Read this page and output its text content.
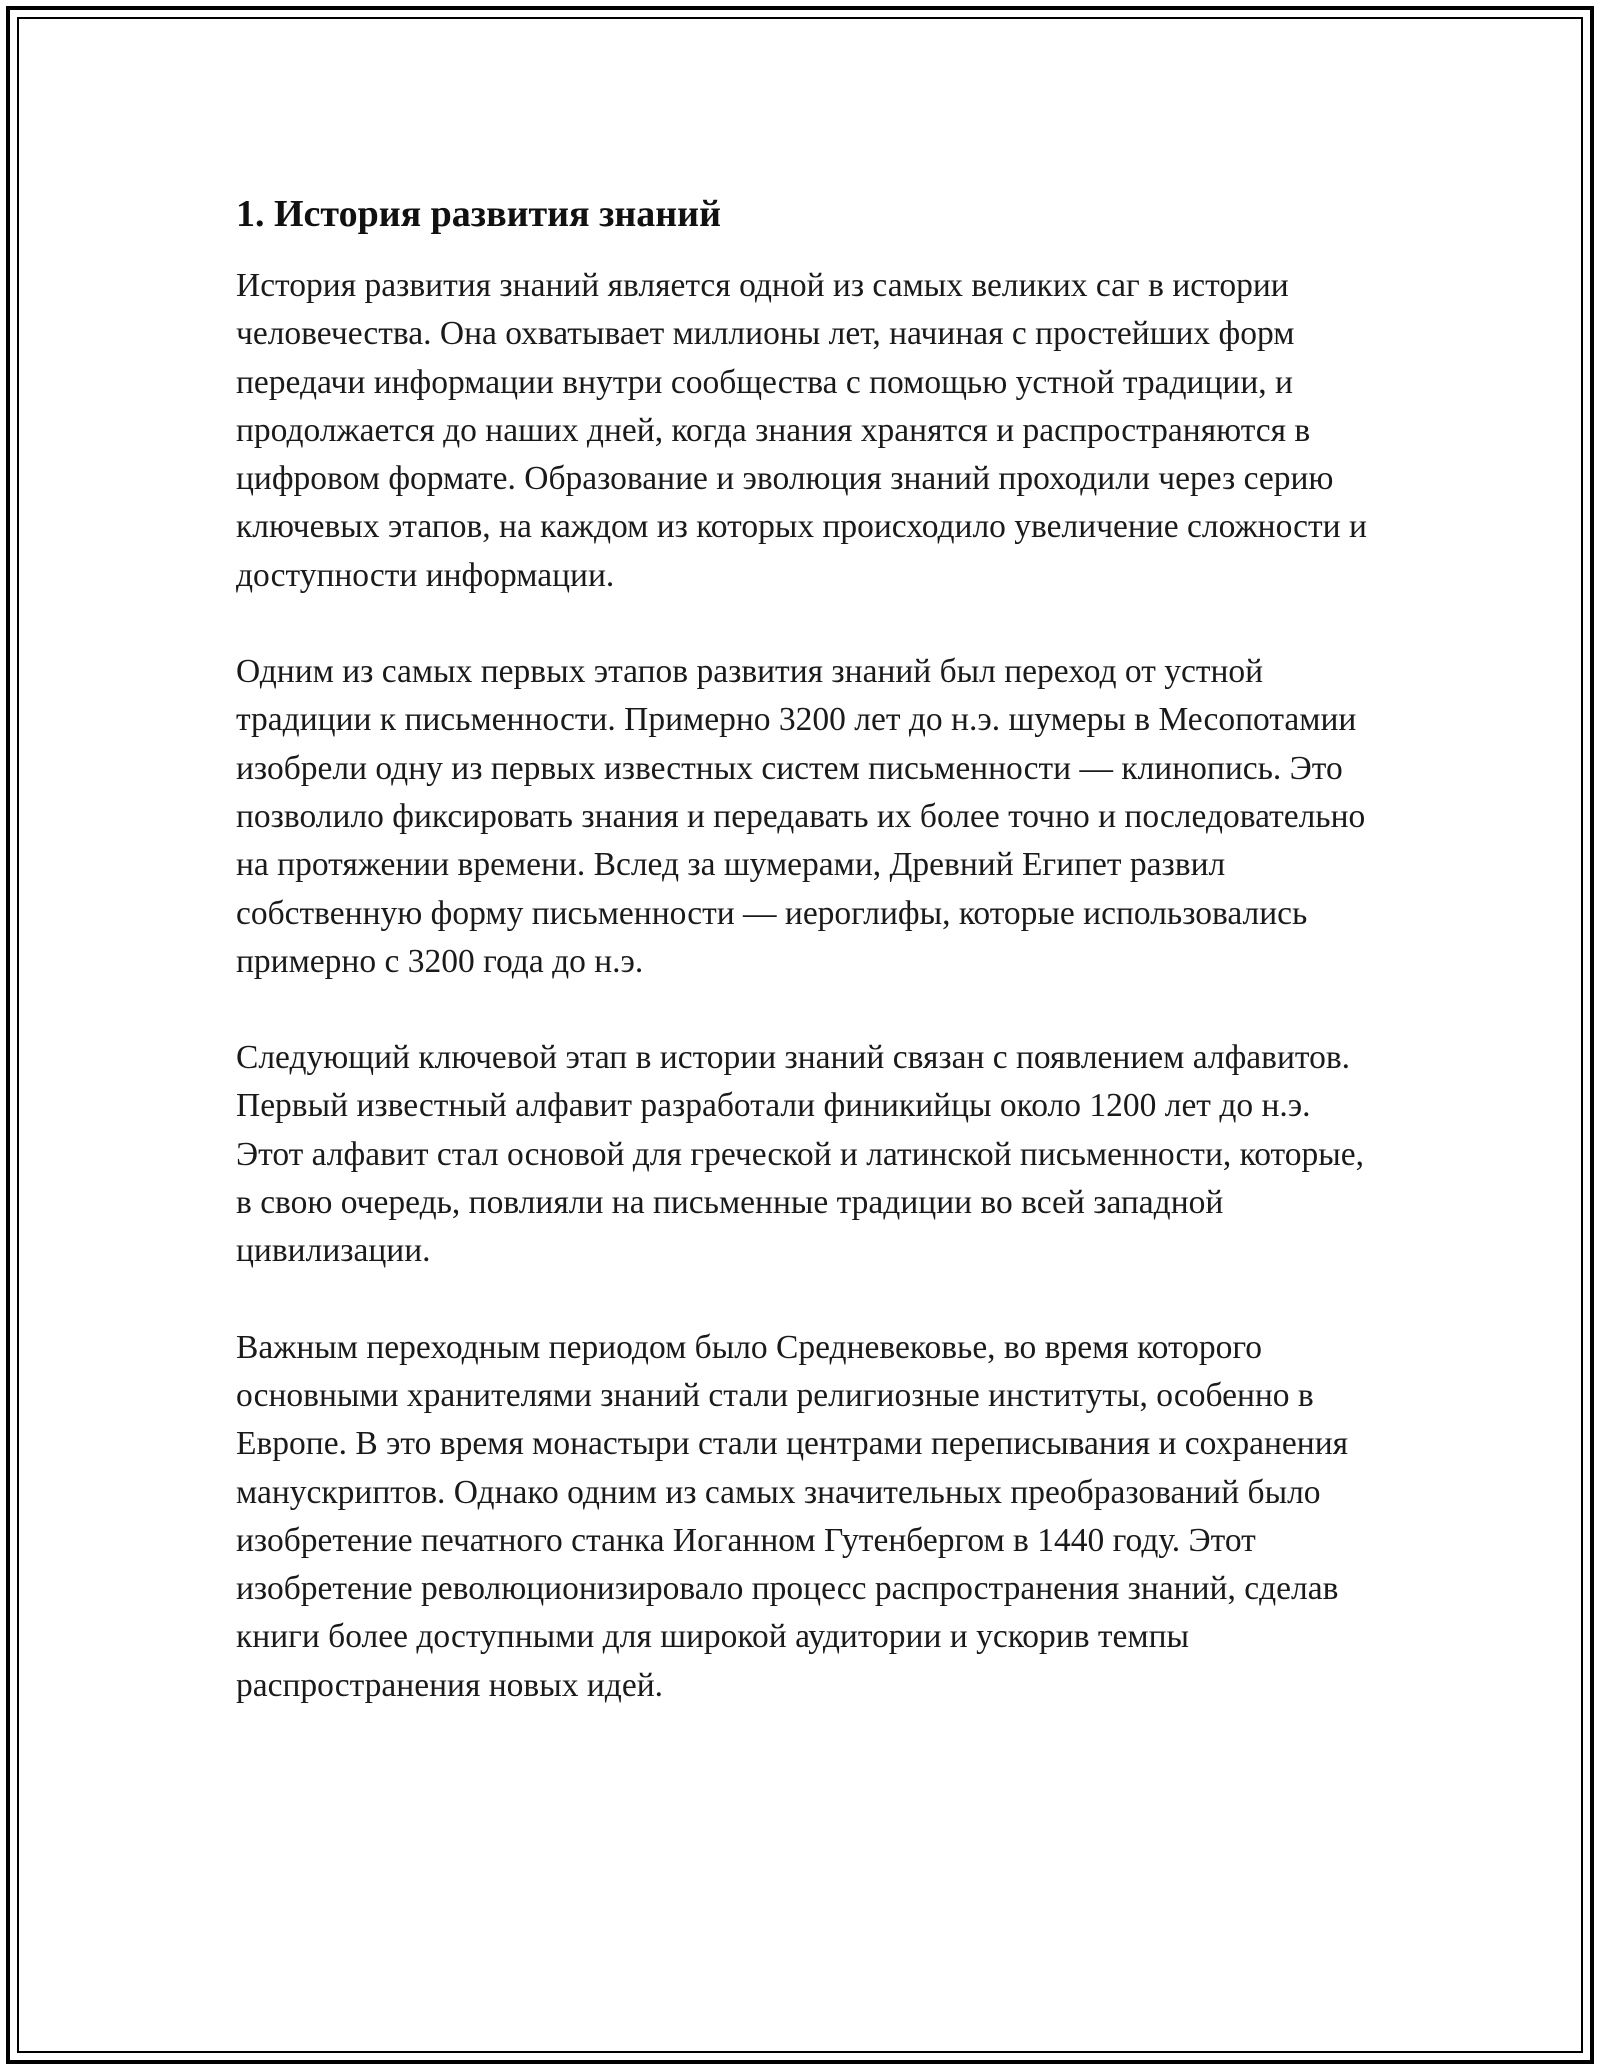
1. История развития знаний

История развития знаний является одной из самых великих саг в истории человечества. Она охватывает миллионы лет, начиная с простейших форм передачи информации внутри сообщества с помощью устной традиции, и продолжается до наших дней, когда знания хранятся и распространяются в цифровом формате. Образование и эволюция знаний проходили через серию ключевых этапов, на каждом из которых происходило увеличение сложности и доступности информации.

Одним из самых первых этапов развития знаний был переход от устной традиции к письменности. Примерно 3200 лет до н.э. шумеры в Месопотамии изобрели одну из первых известных систем письменности — клинопись. Это позволило фиксировать знания и передавать их более точно и последовательно на протяжении времени. Вслед за шумерами, Древний Египет развил собственную форму письменности — иероглифы, которые использовались примерно с 3200 года до н.э.

Следующий ключевой этап в истории знаний связан с появлением алфавитов. Первый известный алфавит разработали финикийцы около 1200 лет до н.э. Этот алфавит стал основой для греческой и латинской письменности, которые, в свою очередь, повлияли на письменные традиции во всей западной цивилизации.

Важным переходным периодом было Средневековье, во время которого основными хранителями знаний стали религиозные институты, особенно в Европе. В это время монастыри стали центрами переписывания и сохранения манускриптов. Однако одним из самых значительных преобразований было изобретение печатного станка Иоганном Гутенбергом в 1440 году. Этот изобретение революционизировало процесс распространения знаний, сделав книги более доступными для широкой аудитории и ускорив темпы распространения новых идей.
